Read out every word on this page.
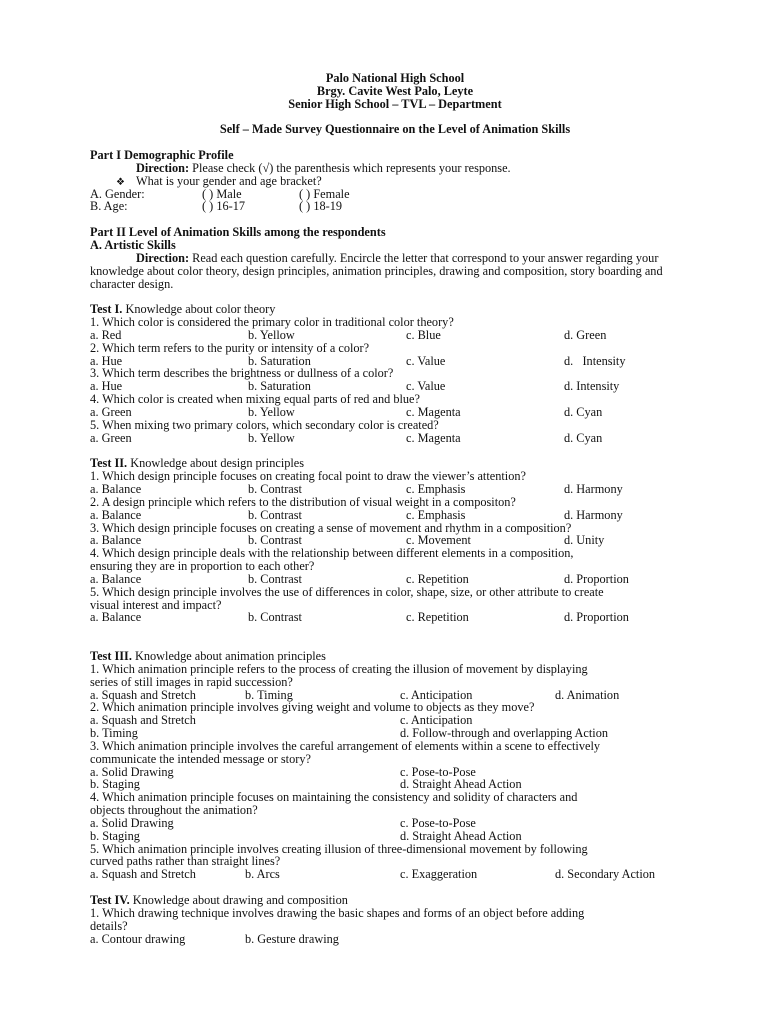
Palo National High School
Brgy. Cavite West Palo, Leyte
Senior High School – TVL – Department
Self – Made Survey Questionnaire on the Level of Animation Skills
Part I Demographic Profile
Direction: Please check (√) the parenthesis which represents your response.
❖ What is your gender and age bracket?
A. Gender:	( ) Male	( ) Female
B. Age:	( ) 16-17	( ) 18-19
Part II Level of Animation Skills among the respondents
A. Artistic Skills
Direction: Read each question carefully. Encircle the letter that correspond to your answer regarding your knowledge about color theory, design principles, animation principles, drawing and composition, story boarding and character design.
Test I. Knowledge about color theory
1. Which color is considered the primary color in traditional color theory?
a. Red	b. Yellow	c. Blue	d. Green
2. Which term refers to the purity or intensity of a color?
a. Hue	b. Saturation	c. Value	d.   Intensity
3. Which term describes the brightness or dullness of a color?
a. Hue	b. Saturation	c. Value	d. Intensity
4. Which color is created when mixing equal parts of red and blue?
a. Green	b. Yellow	c. Magenta	d. Cyan
5. When mixing two primary colors, which secondary color is created?
a. Green	b. Yellow	c. Magenta	d. Cyan
Test II. Knowledge about design principles
1. Which design principle focuses on creating focal point to draw the viewer’s attention?
a. Balance	b. Contrast	c. Emphasis	d. Harmony
2. A design principle which refers to the distribution of visual weight in a compositon?
a. Balance	b. Contrast	c. Emphasis	d. Harmony
3. Which design principle focuses on creating a sense of movement and rhythm in a composition?
a. Balance	b. Contrast	c. Movement	d. Unity
4. Which design principle deals with the relationship between different elements in a composition,
ensuring they are in proportion to each other?
a. Balance	b. Contrast	c. Repetition	d. Proportion
5. Which design principle involves the use of differences in color, shape, size, or other attribute to create
visual interest and impact?
a. Balance	b. Contrast	c. Repetition	d. Proportion
Test III. Knowledge about animation principles
1. Which animation principle refers to the process of creating the illusion of movement by displaying
series of still images in rapid succession?
a. Squash and Stretch	b. Timing	c. Anticipation	d. Animation
2. Which animation principle involves giving weight and volume to objects as they move?
a. Squash and Stretch	c. Anticipation
b. Timing	d. Follow-through and overlapping Action
3. Which animation principle involves the careful arrangement of elements within a scene to effectively
communicate the intended message or story?
a. Solid Drawing	c. Pose-to-Pose
b. Staging	d. Straight Ahead Action
4. Which animation principle focuses on maintaining the consistency and solidity of characters and
objects throughout the animation?
a. Solid Drawing	c. Pose-to-Pose
b. Staging	d. Straight Ahead Action
5. Which animation principle involves creating illusion of three-dimensional movement by following
curved paths rather than straight lines?
a. Squash and Stretch	b. Arcs	c. Exaggeration	d. Secondary Action
Test IV. Knowledge about drawing and composition
1. Which drawing technique involves drawing the basic shapes and forms of an object before adding
details?
a. Contour drawing	b. Gesture drawing
